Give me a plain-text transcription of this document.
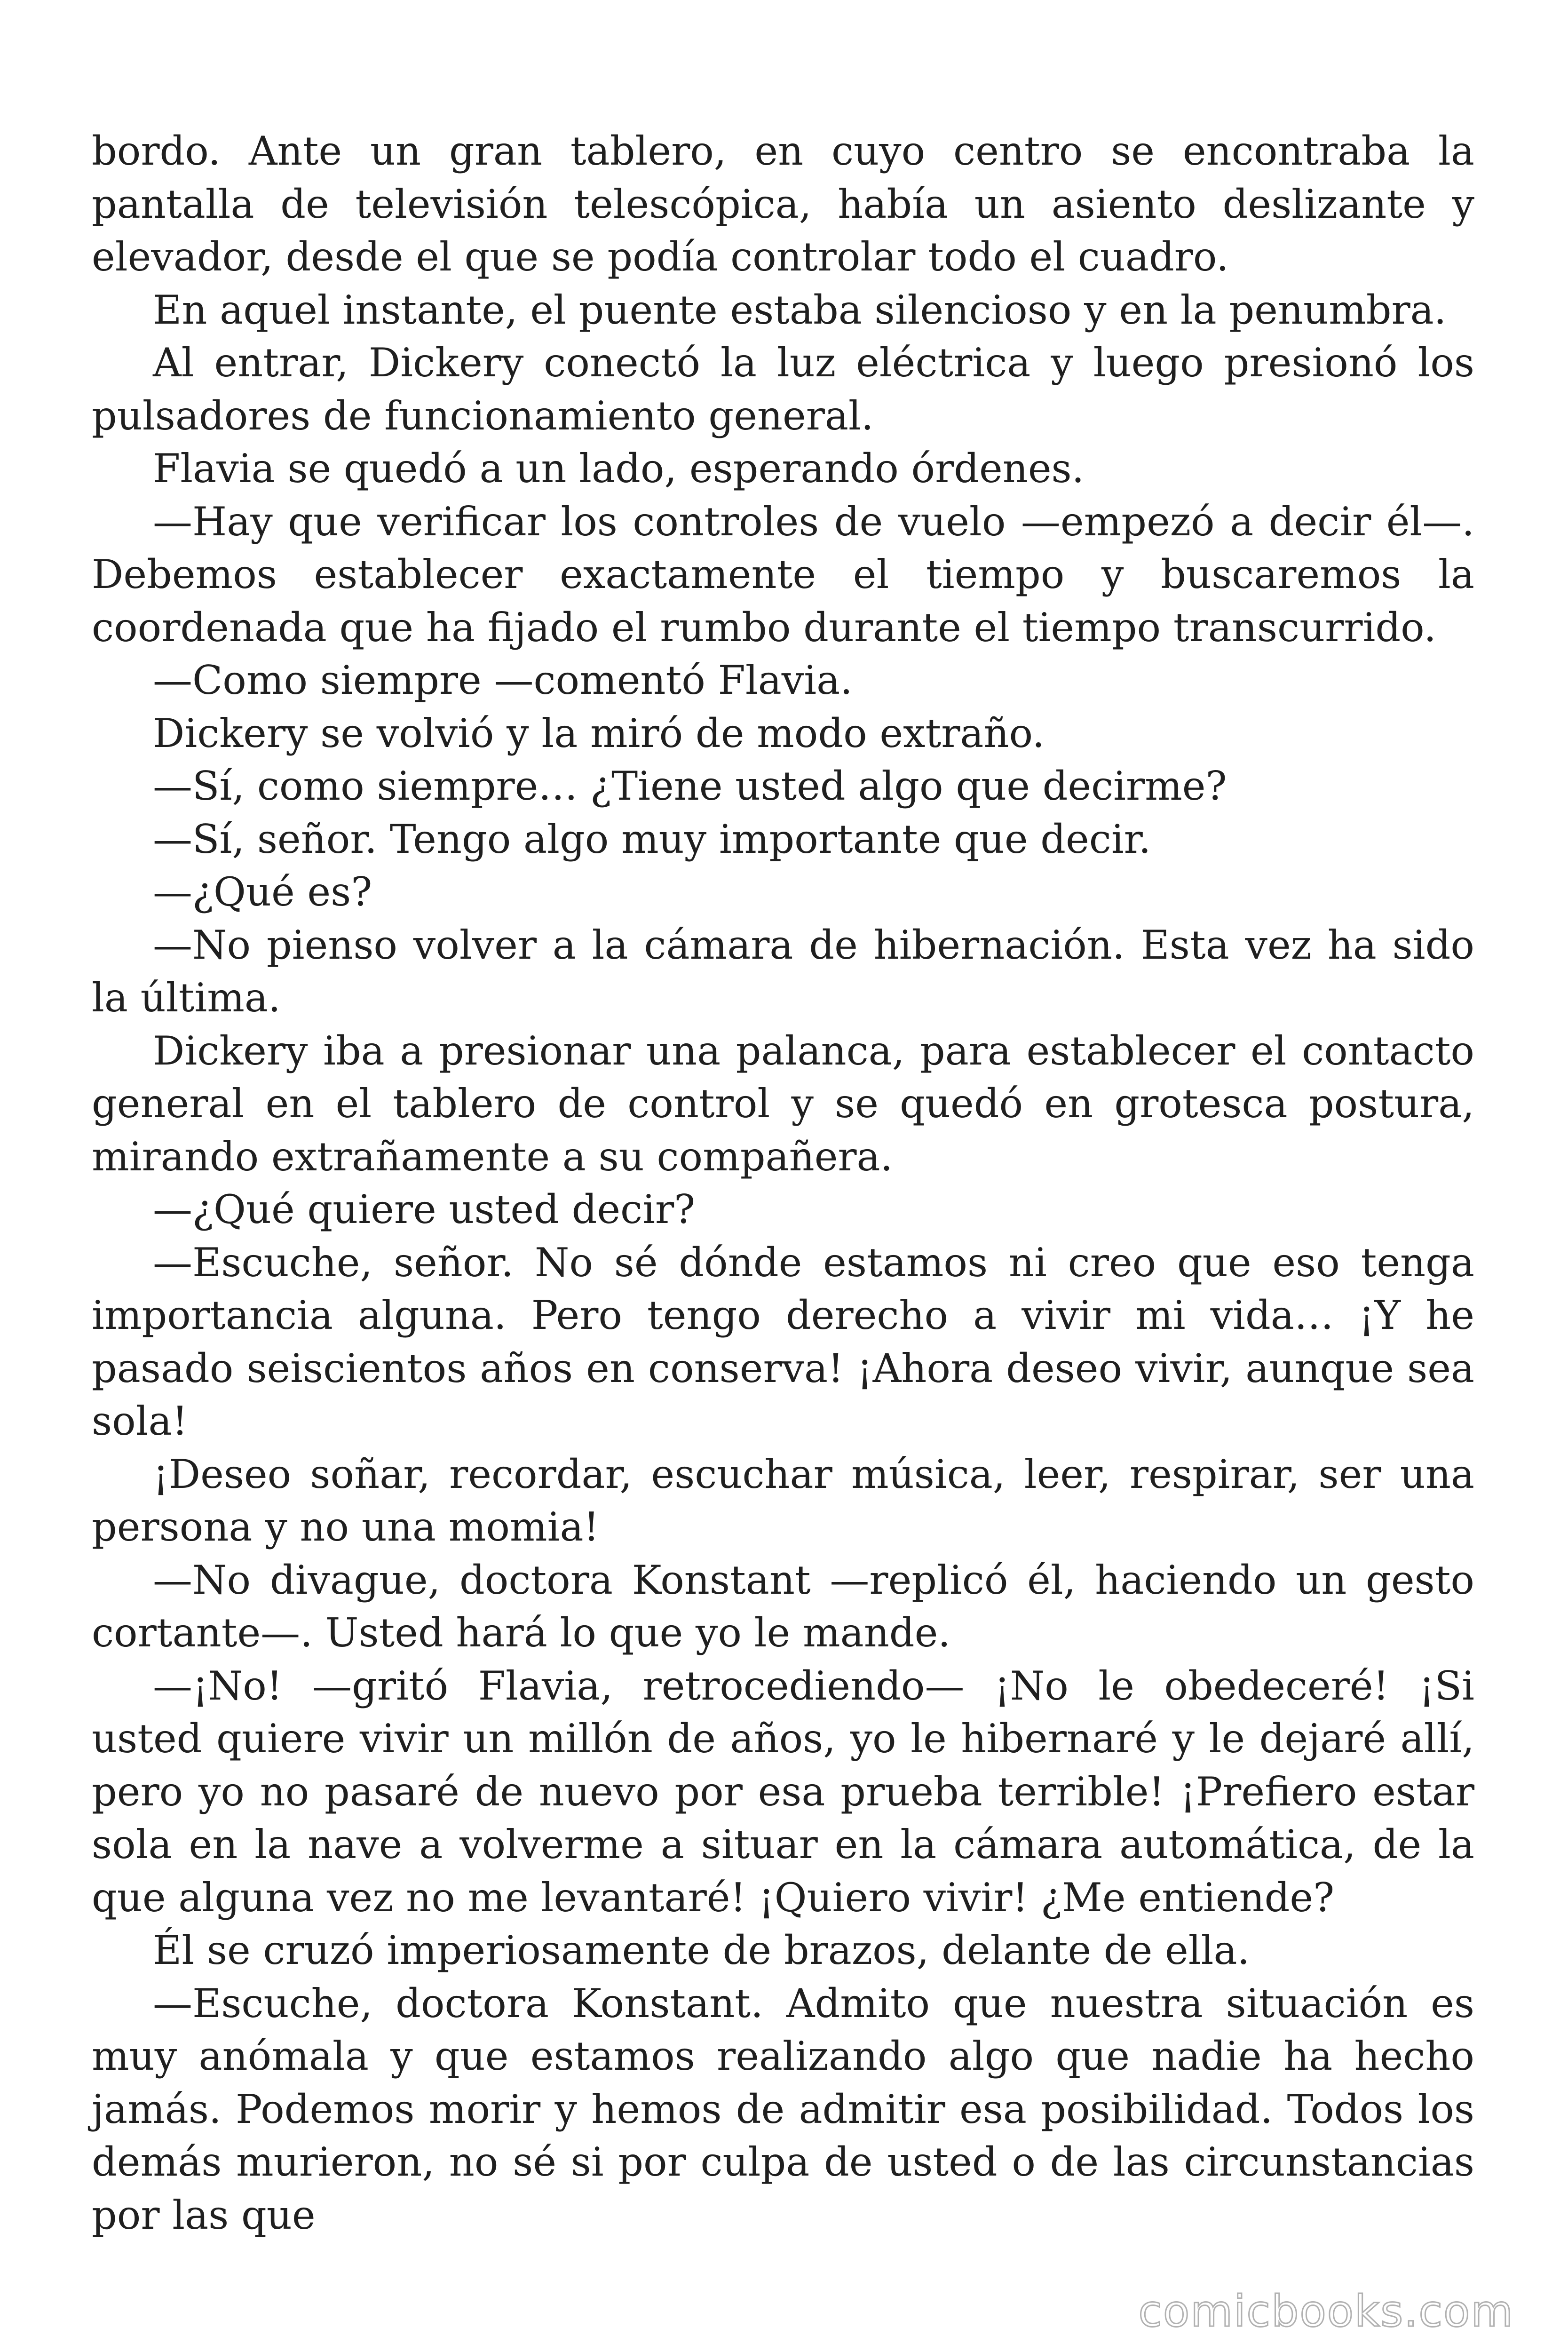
bordo. Ante un gran tablero, en cuyo centro se encontraba la pantalla de televisión telescópica, había un asiento deslizante y elevador, desde el que se podía controlar todo el cuadro.

En aquel instante, el puente estaba silencioso y en la penumbra.

Al entrar, Dickery conectó la luz eléctrica y luego presionó los pulsadores de funcionamiento general.

Flavia se quedó a un lado, esperando órdenes.

—Hay que verificar los controles de vuelo —empezó a decir él—. Debemos establecer exactamente el tiempo y buscaremos la coordenada que ha fijado el rumbo durante el tiempo transcurrido.

—Como siempre —comentó Flavia.

Dickery se volvió y la miró de modo extraño.

—Sí, como siempre… ¿Tiene usted algo que decirme?

—Sí, señor. Tengo algo muy importante que decir.

—¿Qué es?

—No pienso volver a la cámara de hibernación. Esta vez ha sido la última.

Dickery iba a presionar una palanca, para establecer el contacto general en el tablero de control y se quedó en grotesca postura, mirando extrañamente a su compañera.

—¿Qué quiere usted decir?

—Escuche, señor. No sé dónde estamos ni creo que eso tenga importancia alguna. Pero tengo derecho a vivir mi vida… ¡Y he pasado seiscientos años en conserva! ¡Ahora deseo vivir, aunque sea sola!

¡Deseo soñar, recordar, escuchar música, leer, respirar, ser una persona y no una momia!

—No divague, doctora Konstant —replicó él, haciendo un gesto cortante—. Usted hará lo que yo le mande.

—¡No! —gritó Flavia, retrocediendo— ¡No le obedeceré! ¡Si usted quiere vivir un millón de años, yo le hibernaré y le dejaré allí, pero yo no pasaré de nuevo por esa prueba terrible! ¡Prefiero estar sola en la nave a volverme a situar en la cámara automática, de la que alguna vez no me levantaré! ¡Quiero vivir! ¿Me entiende?

Él se cruzó imperiosamente de brazos, delante de ella.

—Escuche, doctora Konstant. Admito que nuestra situación es muy anómala y que estamos realizando algo que nadie ha hecho jamás. Podemos morir y hemos de admitir esa posibilidad. Todos los demás murieron, no sé si por culpa de usted o de las circunstancias por las que

comicbooks.com
